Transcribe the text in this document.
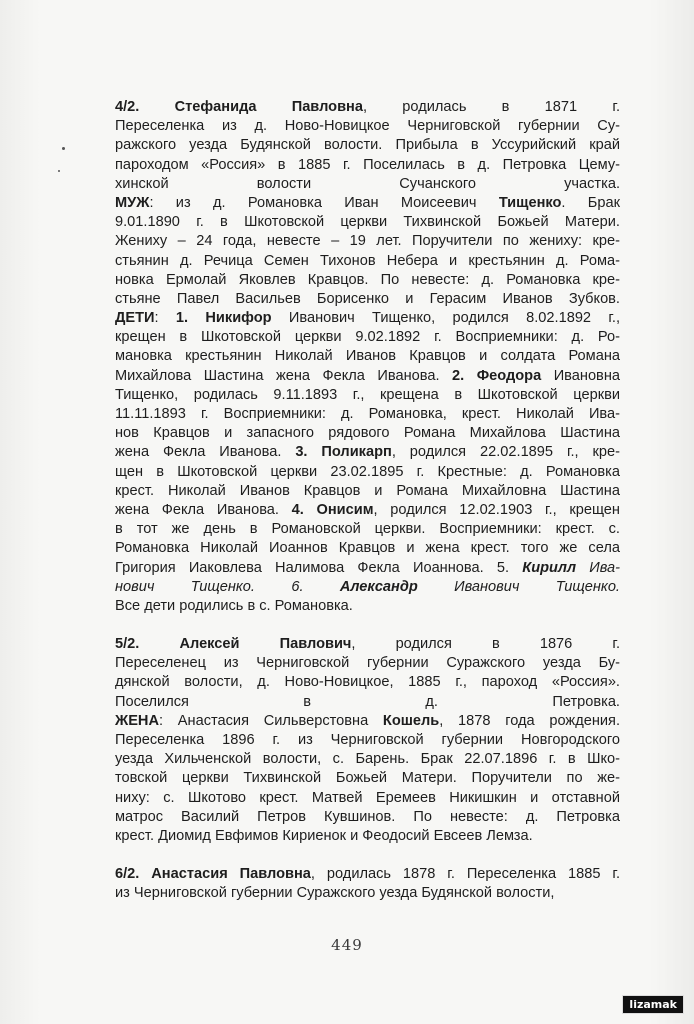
4/2. Стефанида Павловна, родилась в 1871 г.
Переселенка из д. Ново-Новицкое Черниговской губернии Су-
ражского уезда Будянской волости. Прибыла в Уссурийский край
пароходом «Россия» в 1885 г. Поселилась в д. Петровка Цему-
хинской волости Сучанского участка.
МУЖ: из д. Романовка Иван Моисеевич Тищенко. Брак
9.01.1890 г. в Шкотовской церкви Тихвинской Божьей Матери.
Жениху – 24 года, невесте – 19 лет. Поручители по жениху: кре-
стьянин д. Речица Семен Тихонов Небера и крестьянин д. Рома-
новка Ермолай Яковлев Кравцов. По невесте: д. Романовка кре-
стьяне Павел Васильев Борисенко и Герасим Иванов Зубков.
ДЕТИ: 1. Никифор Иванович Тищенко, родился 8.02.1892 г.,
крещен в Шкотовской церкви 9.02.1892 г. Восприемники: д. Ро-
мановка крестьянин Николай Иванов Кравцов и солдата Романа
Михайлова Шастина жена Фекла Иванова. 2. Феодора Ивановна
Тищенко, родилась 9.11.1893 г., крещена в Шкотовской церкви
11.11.1893 г. Восприемники: д. Романовка, крест. Николай Ива-
нов Кравцов и запасного рядового Романа Михайлова Шастина
жена Фекла Иванова. 3. Поликарп, родился 22.02.1895 г., кре-
щен в Шкотовской церкви 23.02.1895 г. Крестные: д. Романовка
крест. Николай Иванов Кравцов и Романа Михайловна Шастина
жена Фекла Иванова. 4. Онисим, родился 12.02.1903 г., крещен
в тот же день в Романовской церкви. Восприемники: крест. с.
Романовка Николай Иоаннов Кравцов и жена крест. того же села
Григория Иаковлева Налимова Фекла Иоаннова. 5. Кирилл Ива-
нович Тищенко. 6. Александр Иванович Тищенко.
Все дети родились в с. Романовка.
5/2. Алексей Павлович, родился в 1876 г.
Переселенец из Черниговской губернии Суражского уезда Бу-
дянской волости, д. Ново-Новицкое, 1885 г., пароход «Россия».
Поселился в д. Петровка.
ЖЕНА: Анастасия Сильверстовна Кошель, 1878 года рождения.
Переселенка 1896 г. из Черниговской губернии Новгородского
уезда Хильченской волости, с. Барень. Брак 22.07.1896 г. в Шко-
товской церкви Тихвинской Божьей Матери. Поручители по же-
ниху: с. Шкотово крест. Матвей Еремеев Никишкин и отставной
матрос Василий Петров Кувшинов. По невесте: д. Петровка
крест. Диомид Евфимов Кириенок и Феодосий Евсеев Лемза.
6/2. Анастасия Павловна, родилась 1878 г. Переселенка 1885 г.
из Черниговской губернии Суражского уезда Будянской волости,
449
lizamak
